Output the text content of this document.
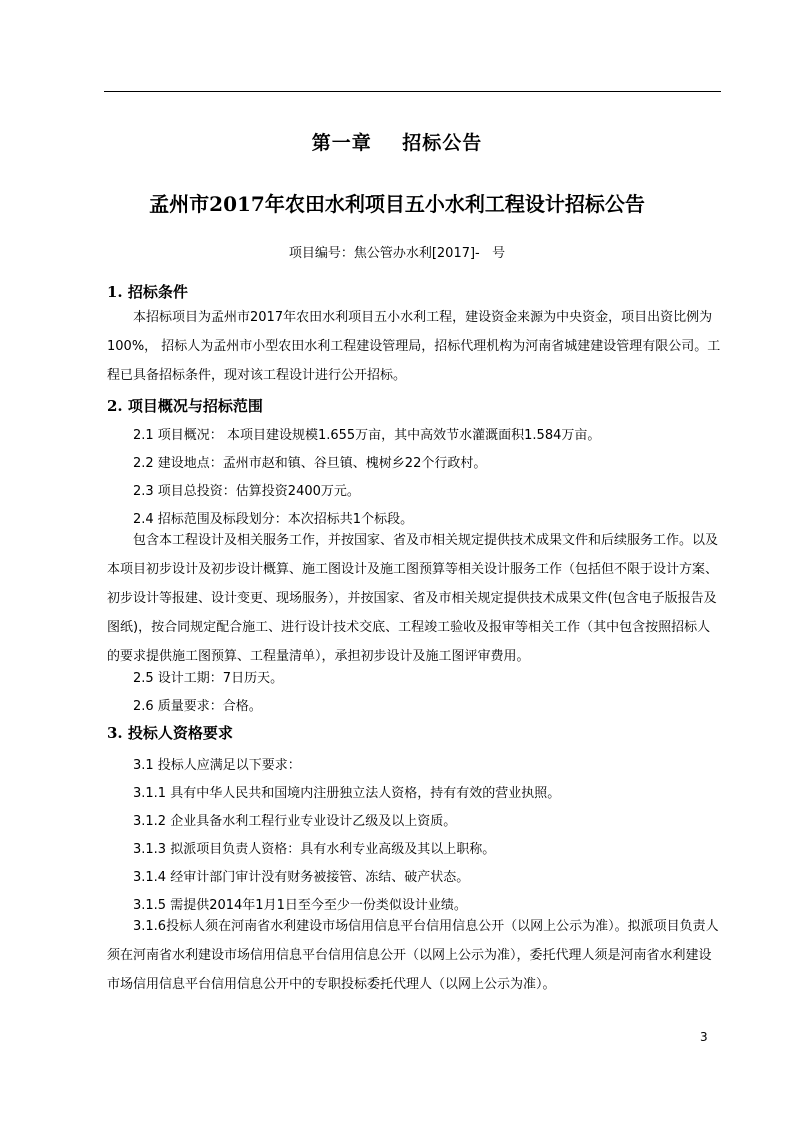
第一章    招标公告
孟州市2017年农田水利项目五小水利工程设计招标公告
项目编号：焦公管办水利[2017]-   号
1. 招标条件
本招标项目为孟州市2017年农田水利项目五小水利工程，建设资金来源为中央资金，项目出资比例为100%， 招标人为孟州市小型农田水利工程建设管理局，招标代理机构为河南省城建建设管理有限公司。工程已具备招标条件，现对该工程设计进行公开招标。
2. 项目概况与招标范围
2.1 项目概况： 本项目建设规模1.655万亩，其中高效节水灌溉面积1.584万亩。
2.2 建设地点：孟州市赵和镇、谷旦镇、槐树乡22个行政村。
2.3 项目总投资：估算投资2400万元。
2.4 招标范围及标段划分：本次招标共1个标段。
包含本工程设计及相关服务工作，并按国家、省及市相关规定提供技术成果文件和后续服务工作。以及本项目初步设计及初步设计概算、施工图设计及施工图预算等相关设计服务工作（包括但不限于设计方案、初步设计等报建、设计变更、现场服务），并按国家、省及市相关规定提供技术成果文件(包含电子版报告及图纸)，按合同规定配合施工、进行设计技术交底、工程竣工验收及报审等相关工作（其中包含按照招标人的要求提供施工图预算、工程量清单），承担初步设计及施工图评审费用。
2.5 设计工期：7日历天。
2.6 质量要求：合格。
3. 投标人资格要求
3.1 投标人应满足以下要求：
3.1.1 具有中华人民共和国境内注册独立法人资格，持有有效的营业执照。
3.1.2 企业具备水利工程行业专业设计乙级及以上资质。
3.1.3 拟派项目负责人资格：具有水利专业高级及其以上职称。
3.1.4 经审计部门审计没有财务被接管、冻结、破产状态。
3.1.5 需提供2014年1月1日至今至少一份类似设计业绩。
3.1.6投标人须在河南省水利建设市场信用信息平台信用信息公开（以网上公示为准）。拟派项目负责人须在河南省水利建设市场信用信息平台信用信息公开（以网上公示为准），委托代理人须是河南省水利建设市场信用信息平台信用信息公开中的专职投标委托代理人（以网上公示为准）。
3
